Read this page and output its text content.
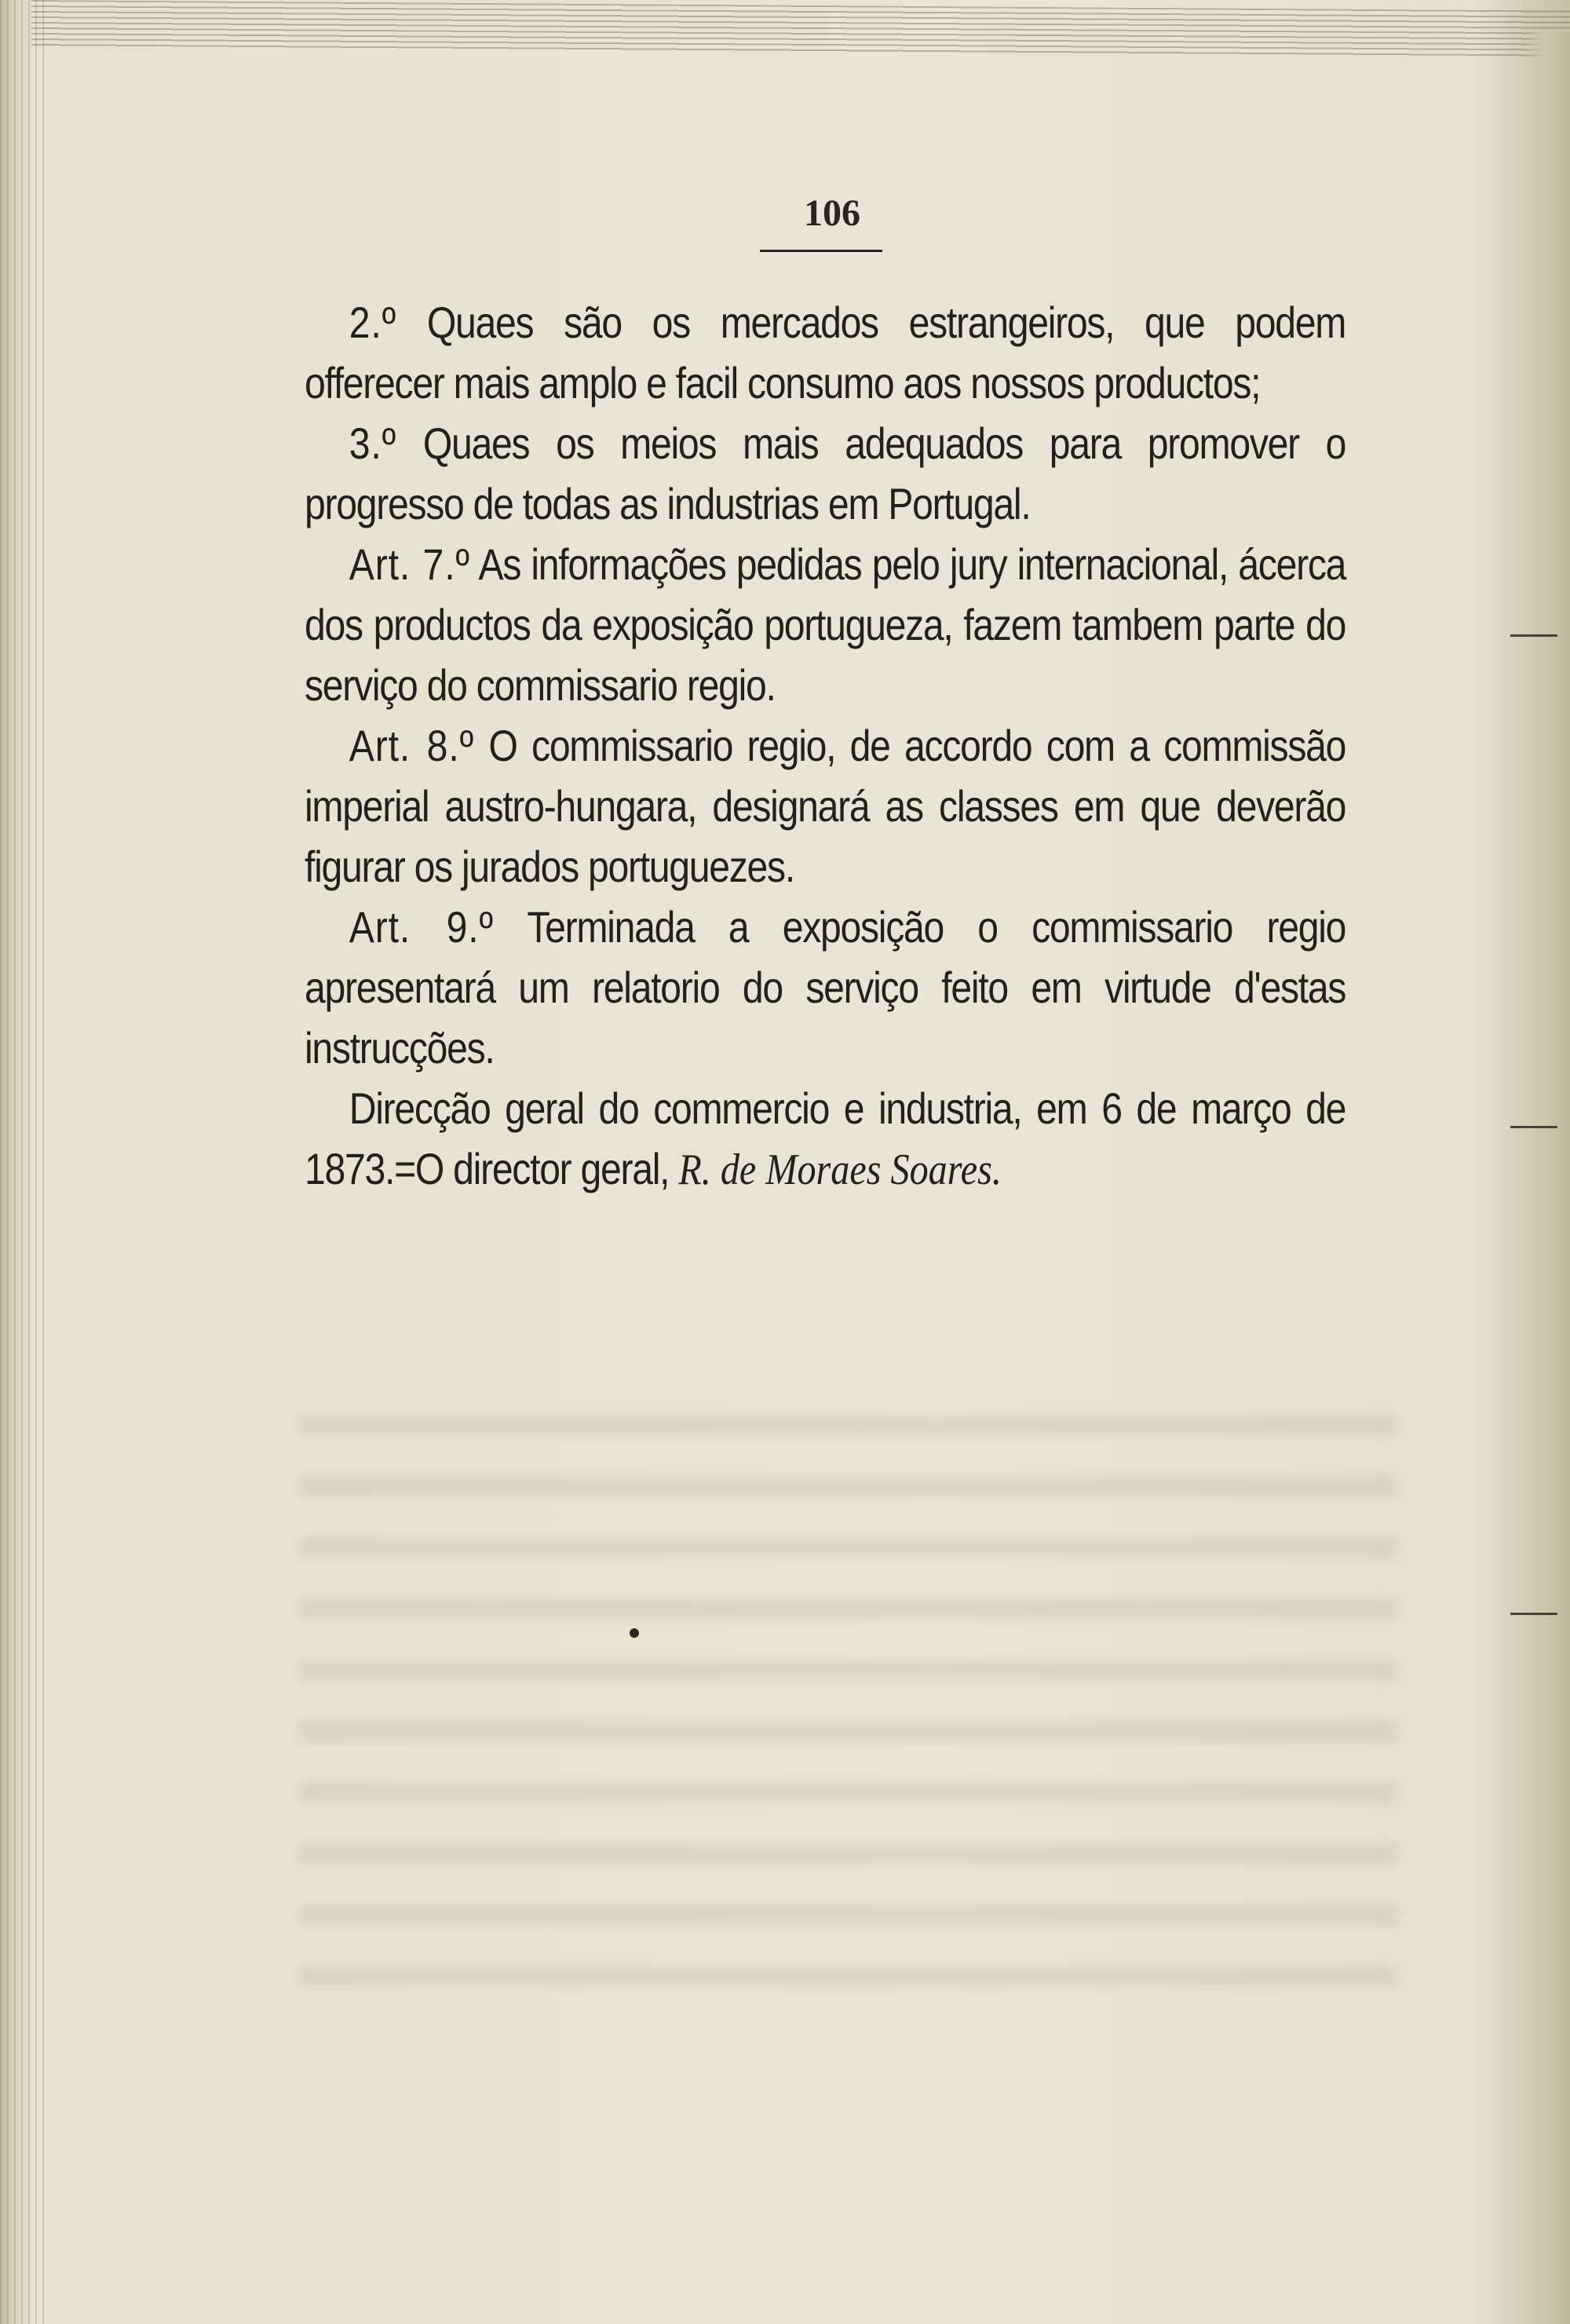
106

2.º Quaes são os mercados estrangeiros, que podem offerecer mais amplo e facil consumo aos nossos productos;

3.º Quaes os meios mais adequados para promover o progresso de todas as industrias em Portugal.

Art. 7.º As informações pedidas pelo jury internacional, ácerca dos productos da exposição portugueza, fazem tambem parte do serviço do commissario regio.

Art. 8.º O commissario regio, de accordo com a commissão imperial austro-hungara, designará as classes em que deverão figurar os jurados portuguezes.

Art. 9.º Terminada a exposição o commissario regio apresentará um relatorio do serviço feito em virtude d'estas instrucções.

Direcção geral do commercio e industria, em 6 de março de 1873.=O director geral, R. de Moraes Soares.
